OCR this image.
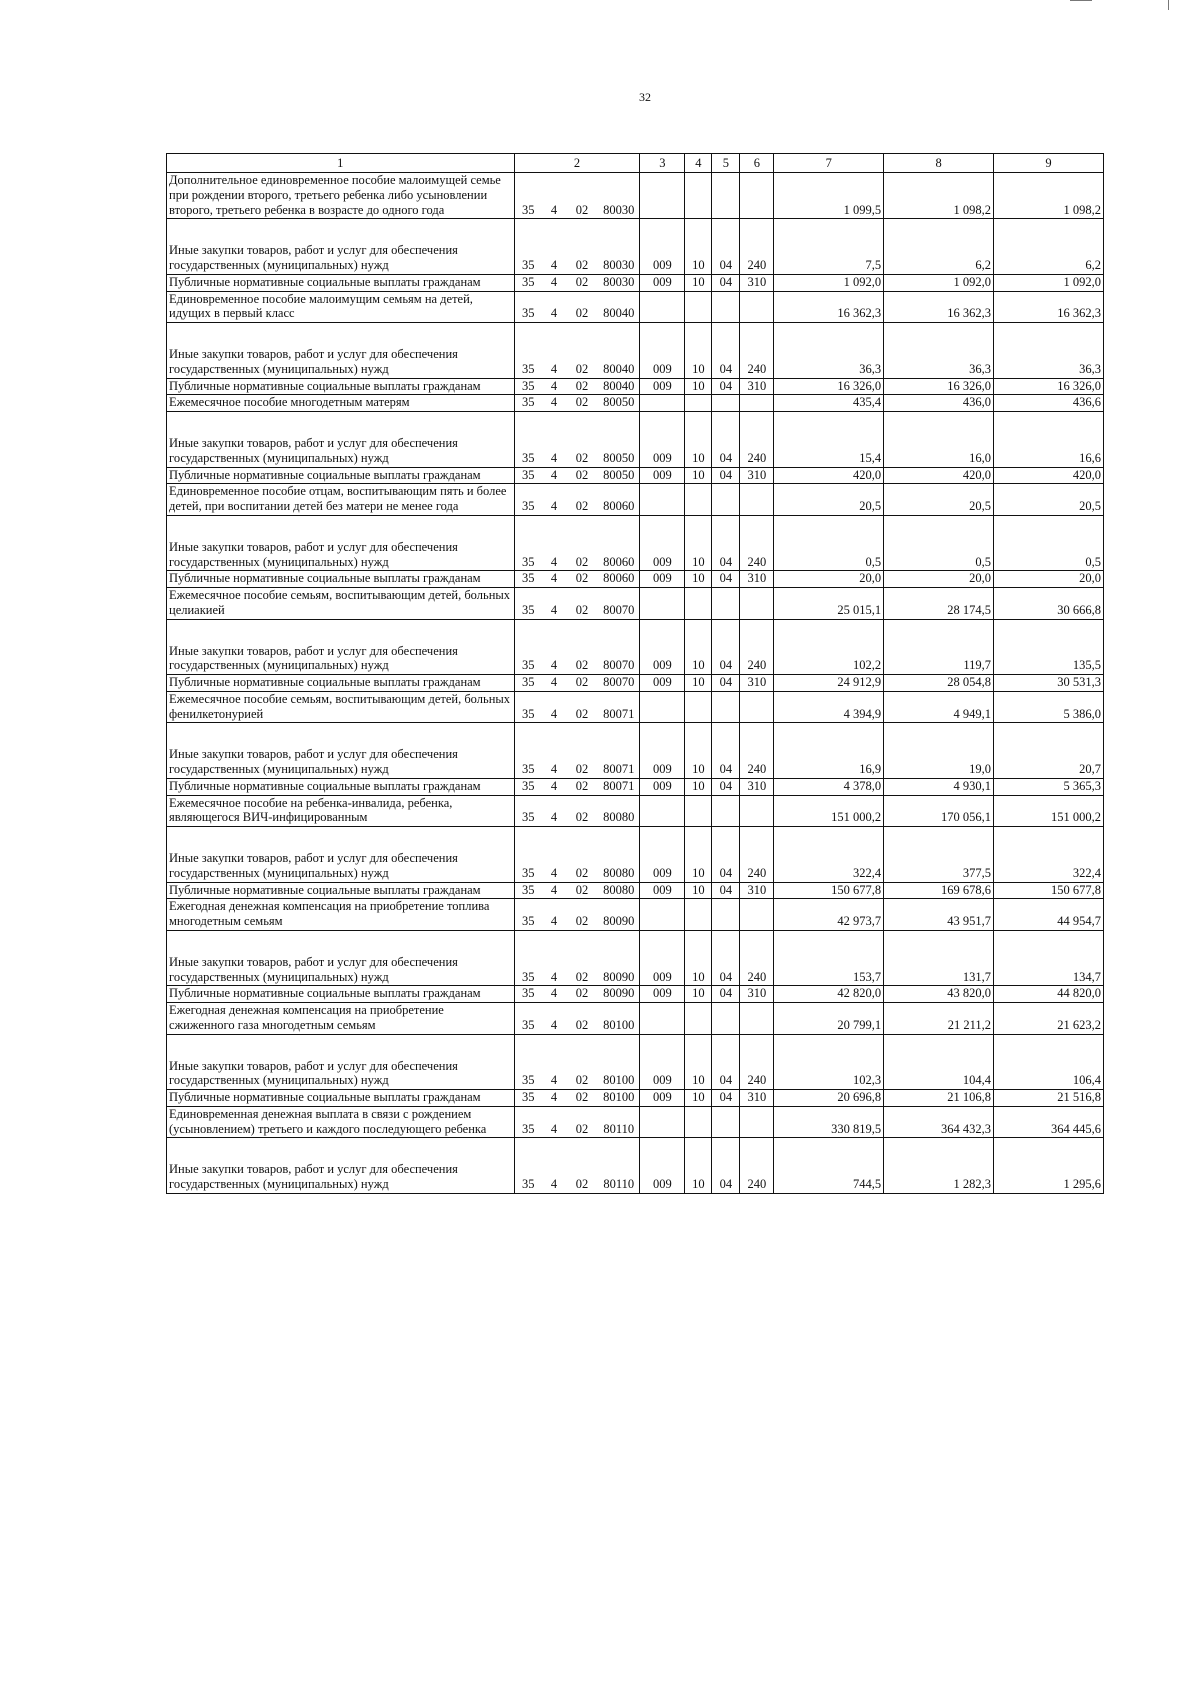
32
1	2				3	4	5	6	7	8	9
Дополнительное единовременное пособие малоимущей семье при рождении второго, третьего ребенка либо усыновлении второго, третьего ребенка в возрасте до одного года	35	4	02	80030					1 099,5	1 098,2	1 098,2
Иные закупки товаров, работ и услуг для обеспечения государственных (муниципальных) нужд	35	4	02	80030	009	10	04	240	7,5	6,2	6,2
Публичные нормативные социальные выплаты гражданам	35	4	02	80030	009	10	04	310	1 092,0	1 092,0	1 092,0
Единовременное пособие малоимущим семьям на детей, идущих в первый класс	35	4	02	80040					16 362,3	16 362,3	16 362,3
Иные закупки товаров, работ и услуг для обеспечения государственных (муниципальных) нужд	35	4	02	80040	009	10	04	240	36,3	36,3	36,3
Публичные нормативные социальные выплаты гражданам	35	4	02	80040	009	10	04	310	16 326,0	16 326,0	16 326,0
Ежемесячное пособие многодетным матерям	35	4	02	80050					435,4	436,0	436,6
Иные закупки товаров, работ и услуг для обеспечения государственных (муниципальных) нужд	35	4	02	80050	009	10	04	240	15,4	16,0	16,6
Публичные нормативные социальные выплаты гражданам	35	4	02	80050	009	10	04	310	420,0	420,0	420,0
Единовременное пособие отцам, воспитывающим пять и более детей, при воспитании детей без матери не менее года	35	4	02	80060					20,5	20,5	20,5
Иные закупки товаров, работ и услуг для обеспечения государственных (муниципальных) нужд	35	4	02	80060	009	10	04	240	0,5	0,5	0,5
Публичные нормативные социальные выплаты гражданам	35	4	02	80060	009	10	04	310	20,0	20,0	20,0
Ежемесячное пособие семьям, воспитывающим детей, больных целиакией	35	4	02	80070					25 015,1	28 174,5	30 666,8
Иные закупки товаров, работ и услуг для обеспечения государственных (муниципальных) нужд	35	4	02	80070	009	10	04	240	102,2	119,7	135,5
Публичные нормативные социальные выплаты гражданам	35	4	02	80070	009	10	04	310	24 912,9	28 054,8	30 531,3
Ежемесячное пособие семьям, воспитывающим детей, больных фенилкетонурией	35	4	02	80071					4 394,9	4 949,1	5 386,0
Иные закупки товаров, работ и услуг для обеспечения государственных (муниципальных) нужд	35	4	02	80071	009	10	04	240	16,9	19,0	20,7
Публичные нормативные социальные выплаты гражданам	35	4	02	80071	009	10	04	310	4 378,0	4 930,1	5 365,3
Ежемесячное пособие на ребенка-инвалида, ребенка, являющегося ВИЧ-инфицированным	35	4	02	80080					151 000,2	170 056,1	151 000,2
Иные закупки товаров, работ и услуг для обеспечения государственных (муниципальных) нужд	35	4	02	80080	009	10	04	240	322,4	377,5	322,4
Публичные нормативные социальные выплаты гражданам	35	4	02	80080	009	10	04	310	150 677,8	169 678,6	150 677,8
Ежегодная денежная компенсация на приобретение топлива многодетным семьям	35	4	02	80090					42 973,7	43 951,7	44 954,7
Иные закупки товаров, работ и услуг для обеспечения государственных (муниципальных) нужд	35	4	02	80090	009	10	04	240	153,7	131,7	134,7
Публичные нормативные социальные выплаты гражданам	35	4	02	80090	009	10	04	310	42 820,0	43 820,0	44 820,0
Ежегодная денежная компенсация на приобретение сжиженного газа многодетным семьям	35	4	02	80100					20 799,1	21 211,2	21 623,2
Иные закупки товаров, работ и услуг для обеспечения государственных (муниципальных) нужд	35	4	02	80100	009	10	04	240	102,3	104,4	106,4
Публичные нормативные социальные выплаты гражданам	35	4	02	80100	009	10	04	310	20 696,8	21 106,8	21 516,8
Единовременная денежная выплата в связи с рождением (усыновлением) третьего и каждого последующего ребенка	35	4	02	80110					330 819,5	364 432,3	364 445,6
Иные закупки товаров, работ и услуг для обеспечения государственных (муниципальных) нужд	35	4	02	80110	009	10	04	240	744,5	1 282,3	1 295,6
